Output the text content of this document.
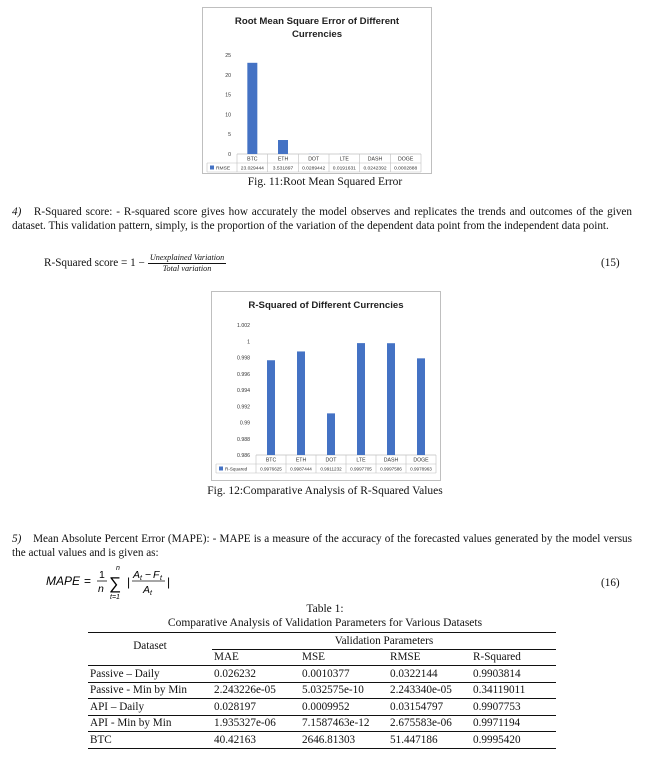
Root Mean Square Error of Different Currencies
0
5
10
15
20
25
BTC
23.029444
ETH
3.531897
DOT
0.0289442
LTE
0.0191631
DASH
0.0242392
DOGE
0.0002888
RMSE
Fig. 11:Root Mean Squared Error
4) R-Squared score: - R-squared score gives how accurately the model observes and replicates the trends and outcomes of the given dataset. This validation pattern, simply, is the proportion of the variation of the dependent data point from the independent data point.
R-Squared score = $1 - \frac{\text{Unexplained Variation}}{\text{Total variation}}$	(15)
R-Squared of Different Currencies
0.986
0.988
0.99
0.992
0.994
0.996
0.998
1
1.002
BTC
0.9976625
ETH
0.9987444
DOT
0.9911232
LTE
0.9997705
DASH
0.9997586
DOGE
0.9978963
R-Squared
Fig. 12:Comparative Analysis of R-Squared Values
5) Mean Absolute Percent Error (MAPE): - MAPE is a measure of the accuracy of the forecasted values generated by the model versus the actual values and is given as:
MAPE = 1
n
n
∑
t=1
| A t − F t
A t
|	(16)
Table 1:
Comparative Analysis of Validation Parameters for Various Datasets
Dataset	Validation Parameters			
	MAE	MSE	RMSE	R-Squared
Passive – Daily	0.026232	0.0010377	0.0322144	0.9903814
Passive - Min by Min	2.243226e-05	5.032575e-10	2.243340e-05	0.34119011
API – Daily	0.028197	0.0009952	0.03154797	0.9907753
API - Min by Min	1.935327e-06	7.1587463e-12	2.675583e-06	0.9971194
BTC	40.42163	2646.81303	51.447186	0.9995420
